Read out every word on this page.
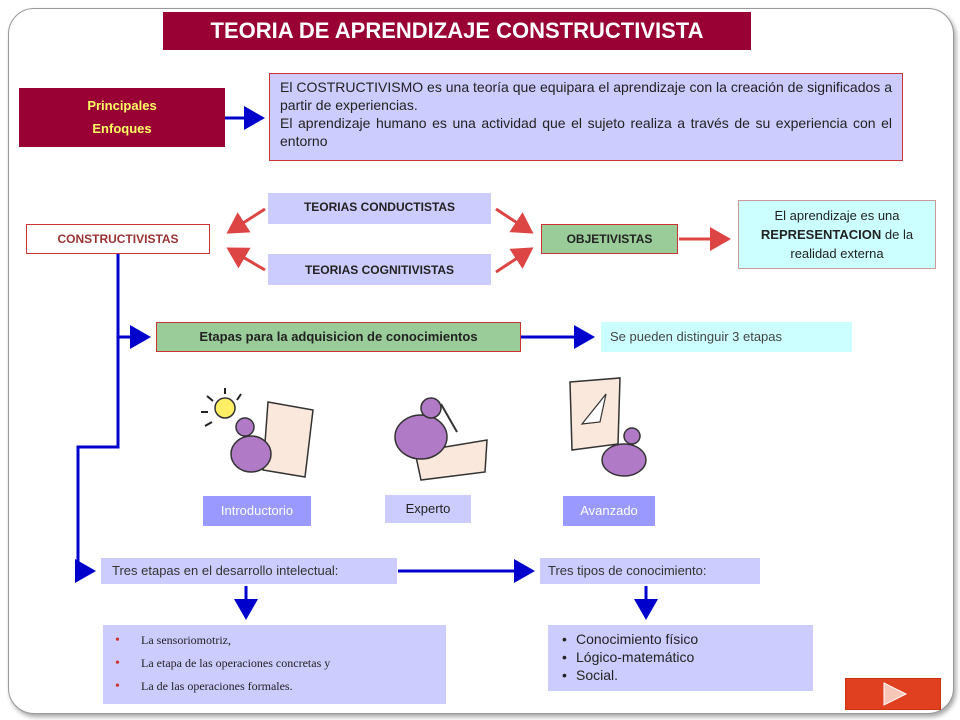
TEORIA DE APRENDIZAJE CONSTRUCTIVISTA
Principales
Enfoques

El COSTRUCTIVISMO es una teoría que equipara el aprendizaje con la creación de significados a partir de experiencias.

El aprendizaje humano es una actividad que el sujeto realiza a través de su experiencia con el entorno

TEORIAS CONDUCTISTAS
TEORIAS COGNITIVISTAS
CONSTRUCTIVISTAS	OBJETIVISTAS
El aprendizaje es una REPRESENTACION de la realidad externa
Etapas para la adquisicion de conocimientos	Se pueden distinguir 3 etapas
Introductorio	Experto	Avanzado
Tres etapas en el desarrollo intelectual:	Tres tipos de conocimiento:
• La sensoriomotriz,
• La etapa de las operaciones concretas y
• La de las operaciones formales.
• Conocimiento físico
• Lógico-matemático
• Social.
